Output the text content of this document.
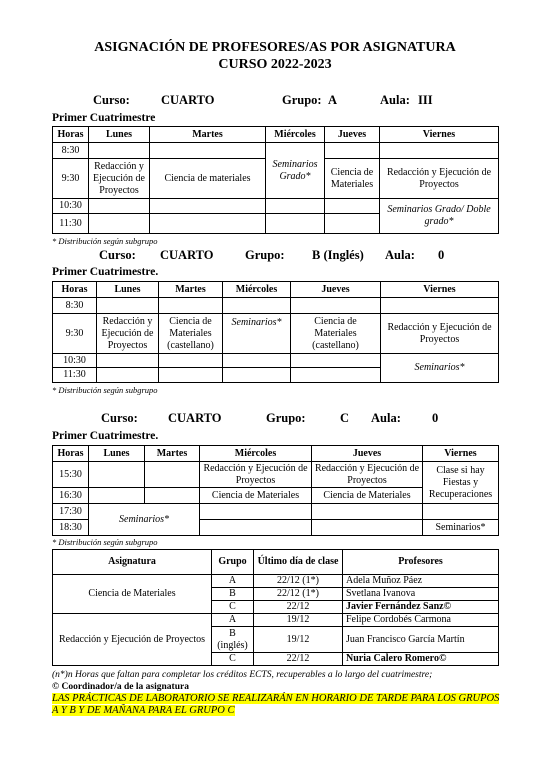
ASIGNACIÓN DE PROFESORES/AS POR ASIGNATURA
CURSO 2022-2023
Curso: CUARTO	Grupo: A	Aula: III
Primer Cuatrimestre
Horas	Lunes	Martes	Miércoles	Jueves	Viernes
8:30			Seminarios Grado*		
9:30	Redacción y Ejecución de Proyectos	Ciencia de materiales		Ciencia de Materiales	Redacción y Ejecución de Proyectos
10:30					Seminarios Grado/ Doble grado*
11:30					
* Distribución según subgrupo
Curso: CUARTO	Grupo: B (Inglés) Aula: 0
Primer Cuatrimestre.
Horas	Lunes	Martes	Miércoles	Jueves	Viernes
8:30					
9:30	Redacción y Ejecución de Proyectos	Ciencia de Materiales (castellano)	Seminarios*	Ciencia de Materiales (castellano)	Redacción y Ejecución de Proyectos
10:30					Seminarios*
11:30					
* Distribución según subgrupo
Curso: CUARTO	Grupo:	C Aula: 0
Primer Cuatrimestre.
Horas	Lunes	Martes	Miércoles	Jueves	Viernes
15:30			Redacción y Ejecución de Proyectos	Redacción y Ejecución de Proyectos	Clase si hay Fiestas y Recuperaciones
16:30			Ciencia de Materiales	Ciencia de Materiales	
17:30	Seminarios*				
18:30					Seminarios*
* Distribución según subgrupo
Asignatura	Grupo	Último día de clase	Profesores
Ciencia de Materiales	A	22/12 (1*)	Adela Muñoz Páez
	B	22/12 (1*)	Svetlana Ivanova
	C	22/12	Javier Fernández Sanz©
Redacción y Ejecución de Proyectos	A	19/12	Felipe Cordobés Carmona
	B (inglés)	19/12	Juan Francisco García Martín
	C	22/12	Nuria Calero Romero©
(n*)n Horas que faltan para completar los créditos ECTS, recuperables a lo largo del cuatrimestre;
© Coordinador/a de la asignatura
LAS PRÁCTICAS DE LABORATORIO SE REALIZARÁN EN HORARIO DE TARDE PARA LOS GRUPOS A Y B Y DE MAÑANA PARA EL GRUPO C
